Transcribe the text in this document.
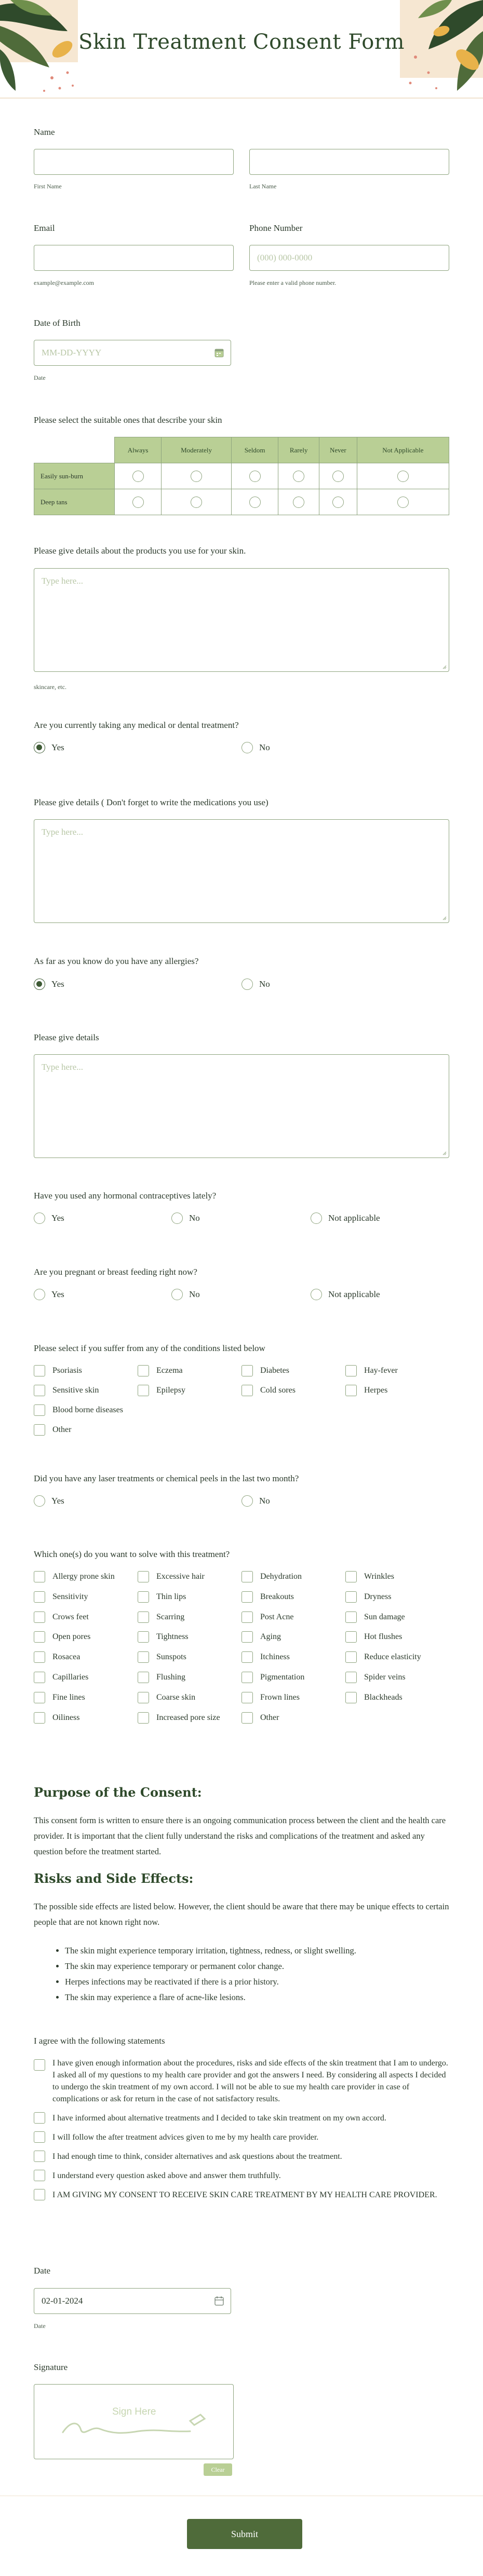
Skin Treatment Consent Form
Name
First Name	Last Name
Email
example@example.com
Phone Number
(000) 000-0000
Please enter a valid phone number.
Date of Birth
MM-DD-YYYY
Date
Please select the suitable ones that describe your skin
	Always	Moderately	Seldom	Rarely	Never	Not Applicable
Easily sun-burn						
Deep tans						
Please give details about the products you use for your skin.
Type here...
skincare, etc.
Are you currently taking any medical or dental treatment?
Yes	No
Please give details ( Don't forget to write the medications you use)
Type here...
As far as you know do you have any allergies?
Yes	No
Please give details
Type here...
Have you used any hormonal contraceptives lately?
Yes	No	Not applicable
Are you pregnant or breast feeding right now?
Yes	No	Not applicable
Please select if you suffer from any of the conditions listed below
Psoriasis	Eczema	Diabetes	Hay-fever
Sensitive skin	Epilepsy	Cold sores	Herpes
Blood borne diseases
Other
Did you have any laser treatments or chemical peels in the last two month?
Yes	No
Which one(s) do you want to solve with this treatment?
Allergy prone skin	Excessive hair	Dehydration	Wrinkles
Sensitivity	Thin lips	Breakouts	Dryness
Crows feet	Scarring	Post Acne	Sun damage
Open pores	Tightness	Aging	Hot flushes
Rosacea	Sunspots	Itchiness	Reduce elasticity
Capillaries	Flushing	Pigmentation	Spider veins
Fine lines	Coarse skin	Frown lines	Blackheads
Oiliness	Increased pore size	Other
Purpose of the Consent:
This consent form is written to ensure there is an ongoing communication process between the client and the health care provider. It is important that the client fully understand the risks and complications of the treatment and asked any question before the treatment started.
Risks and Side Effects:
The possible side effects are listed below. However, the client should be aware that there may be unique effects to certain people that are not known right now.
• The skin might experience temporary irritation, tightness, redness, or slight swelling.
• The skin may experience temporary or permanent color change.
• Herpes infections may be reactivated if there is a prior history.
• The skin may experience a flare of acne-like lesions.
I agree with the following statements
I have given enough information about the procedures, risks and side effects of the skin treatment that I am to undergo. I asked all of my questions to my health care provider and got the answers I need. By considering all aspects I decided to undergo the skin treatment of my own accord. I will not be able to sue my health care provider in case of complications or ask for return in the case of not satisfactory results.
I have informed about alternative treatments and I decided to take skin treatment on my own accord.
I will follow the after treatment advices given to me by my health care provider.
I had enough time to think, consider alternatives and ask questions about the treatment.
I understand every question asked above and answer them truthfully.
I AM GIVING MY CONSENT TO RECEIVE SKIN CARE TREATMENT BY MY HEALTH CARE PROVIDER.
Date
02-01-2024
Date
Signature
Sign Here
Clear
Submit
